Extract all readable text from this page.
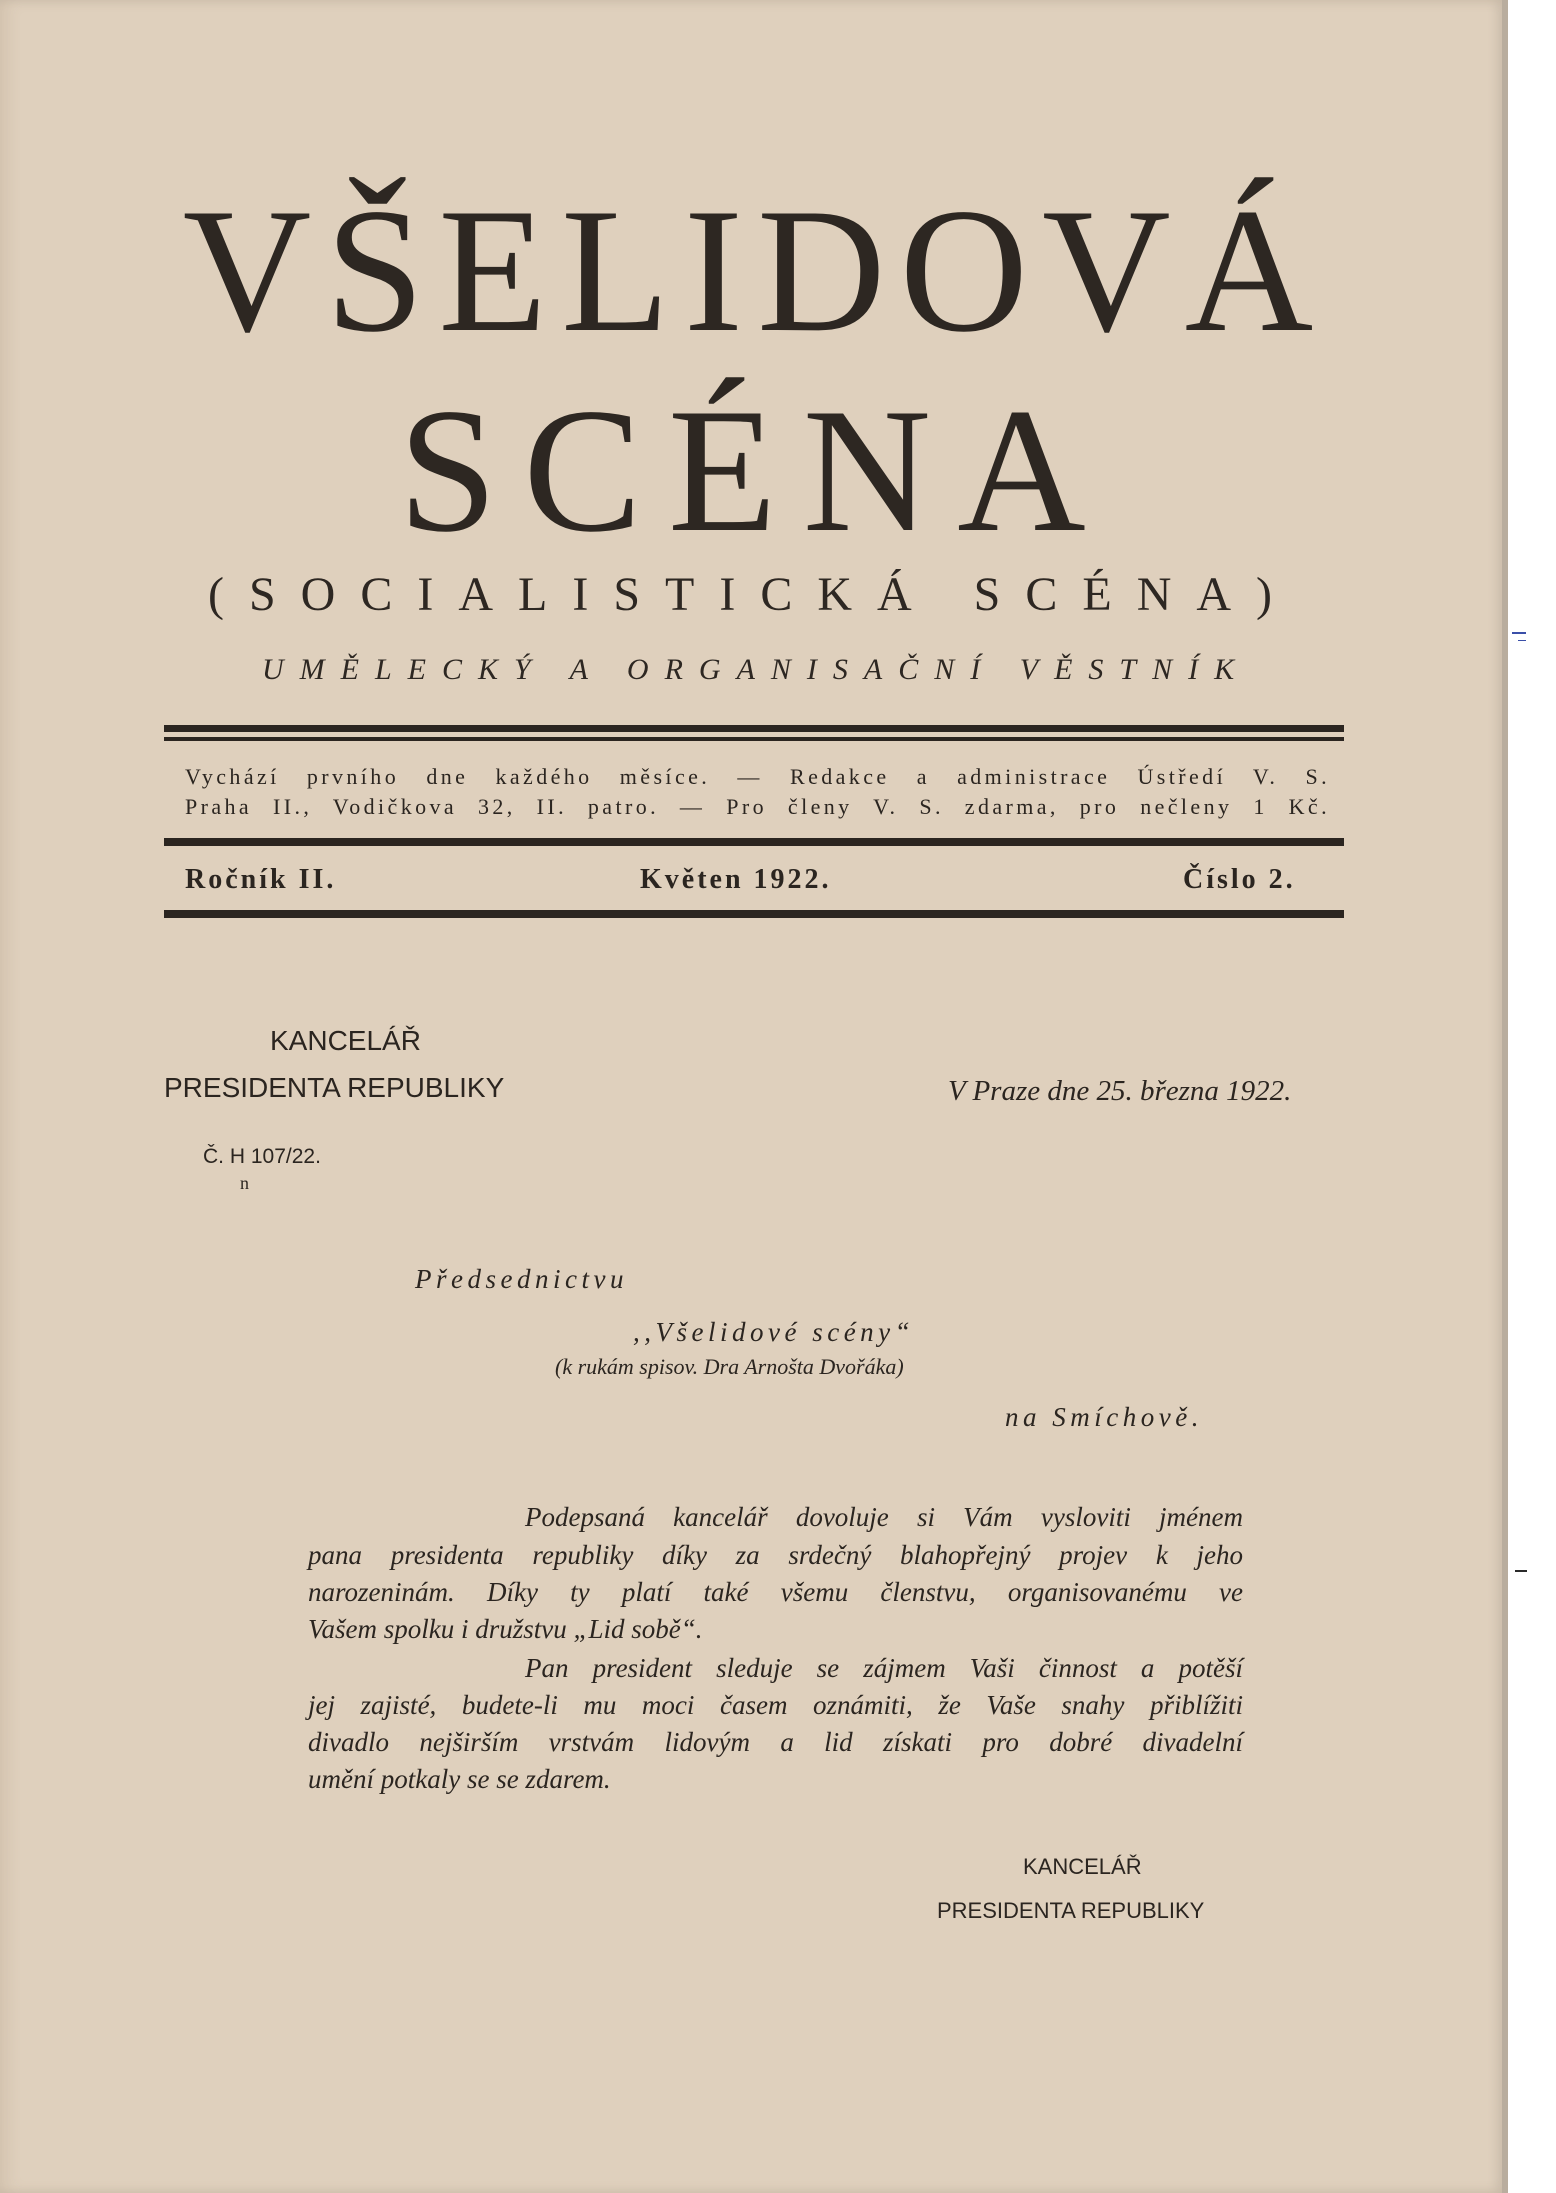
VŠELIDOVÁ
SCÉNA
(SOCIALISTICKÁ SCÉNA)
UMĚLECKÝ A ORGANISAČNÍ VĚSTNÍK
Vychází prvního dne každého měsíce. — Redakce a administrace Ústředí V. S.
Praha II., Vodičkova 32, II. patro. — Pro členy V. S. zdarma, pro nečleny 1 Kč.
Ročník II.	Květen 1922.	Číslo 2.
KANCELÁŘ
PRESIDENTA REPUBLIKY	V Praze dne 25. března 1922.
Č. H 107/22.
n
Předsednictvu
,,Všelidové scény“
(k rukám spisov. Dra Arnošta Dvořáka)
na Smíchově.
Podepsaná kancelář dovoluje si Vám vysloviti jménem
pana presidenta republiky díky za srdečný blahopřejný projev k jeho
narozeninám. Díky ty platí také všemu členstvu, organisovanému ve
Vašem spolku i družstvu „Lid sobě“.
Pan president sleduje se zájmem Vaši činnost a potěší
jej zajisté, budete-li mu moci časem oznámiti, že Vaše snahy přiblížiti
divadlo nejširším vrstvám lidovým a lid získati pro dobré divadelní
umění potkaly se se zdarem.
KANCELÁŘ
PRESIDENTA REPUBLIKY
